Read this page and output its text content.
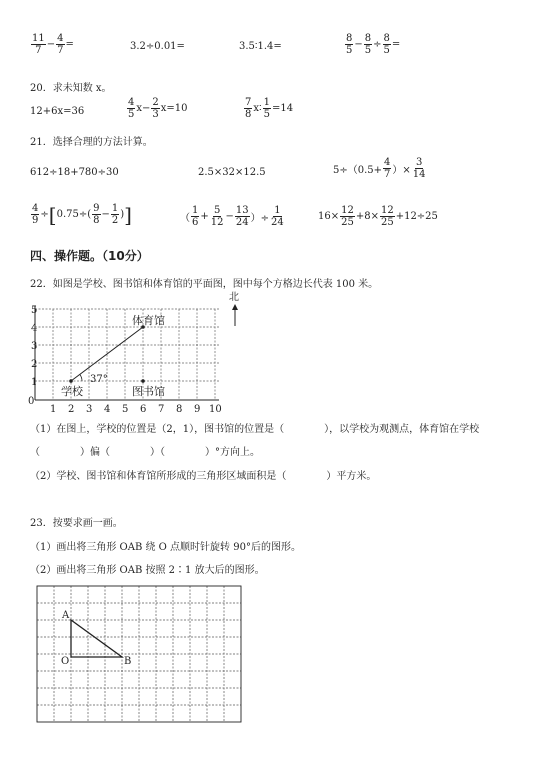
$\frac{11}{7} - \frac{4}{7}$ =	3.2÷0.01=	3.5∶1.4=	$\frac{8}{5} - \frac{8}{5} \div \frac{8}{5}$ =
20．求未知数 x。
12+6x=36	$\frac{4}{5} x- \frac{2}{3} x=10$	$\frac{7}{8}$ x∶ $\frac{1}{5} =14$
21．选择合理的方法计算。
612÷18+780÷30	2.5×32×12.5	$5\div(0.5+ \frac{4}{7}$ ）× $\frac{3}{14}$
$\frac{4}{9}$ ÷ [ $0.75\div( \frac{9}{8} - \frac{1}{2}$ ) ]	（ $\frac{1}{6} + \frac{5}{12} - \frac{13}{24}$ ）÷ $\frac{1}{24}$	$16\times \frac{12}{25} +8\times \frac{12}{25} +12\div 25$
四、操作题。（10分）
22．如图是学校、图书馆和体育馆的平面图，图中每个方格边长代表 100 米。
5
4
3
2
1
0
1 2 3 4 5 6 7 8 9 10
体育馆
学校	图书馆
37°
北
（1）在图上，学校的位置是（2，1），图书馆的位置是（　　　　），以学校为观测点，体育馆在学校
（　　　　）偏（　　　　）（　　　　）°方向上。
（2）学校、图书馆和体育馆所形成的三角形区域面积是（　　　　）平方米。
23．按要求画一画。
（1）画出将三角形 OAB 绕 O 点顺时针旋转 90°后的图形。
（2）画出将三角形 OAB 按照 2∶1 放大后的图形。
A
O	B
